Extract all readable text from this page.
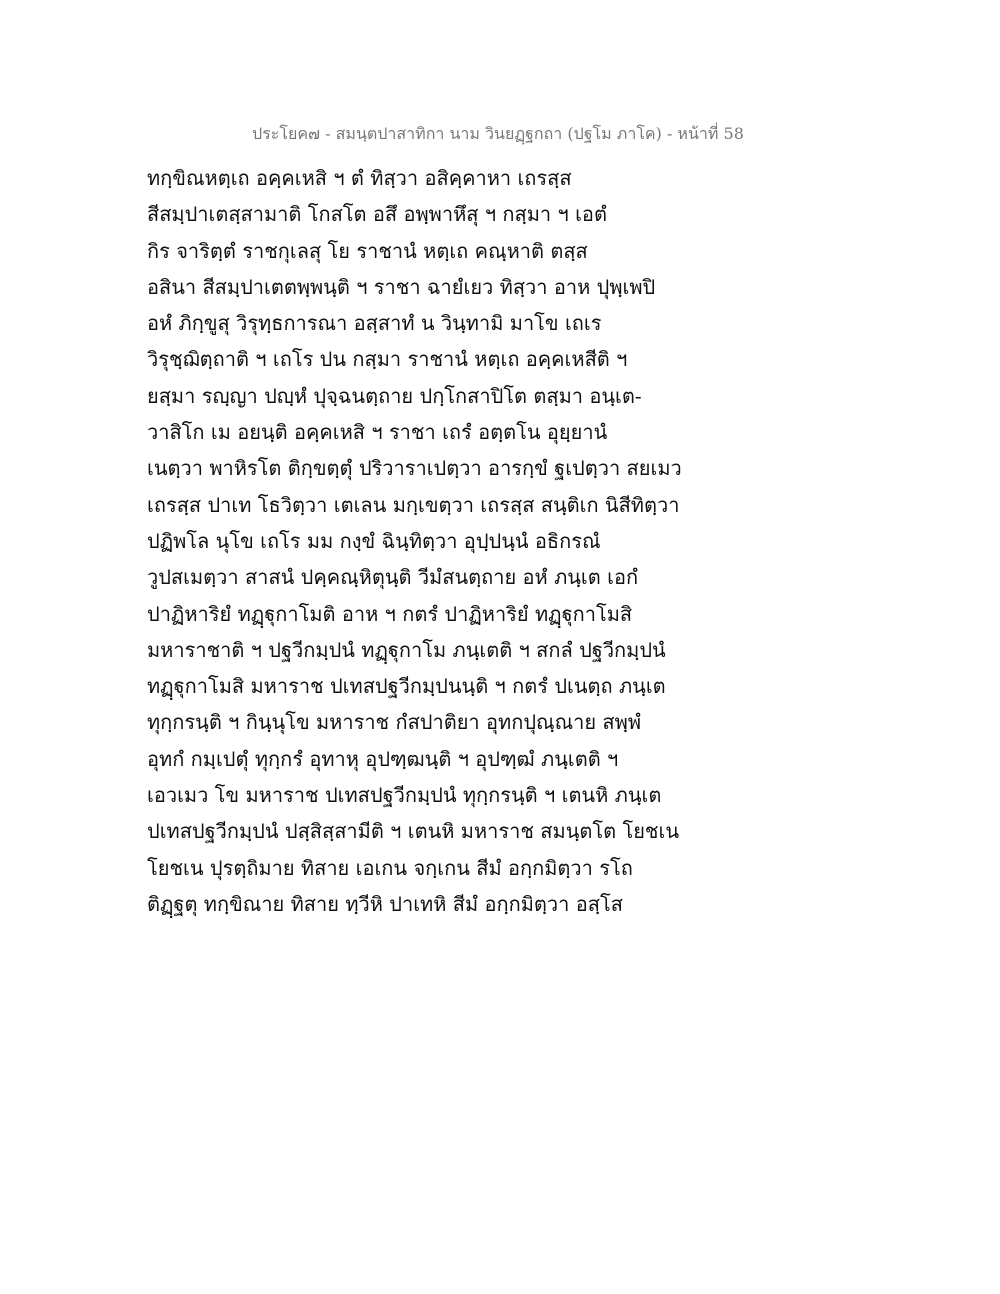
ประโยค๗ - สมนฺตปาสาทิกา นาม วินยฏฺฐกถา (ปฐโม ภาโค) - หน้าที่ 58
ทกฺขิณหตฺเถ อคฺคเหสิ ฯ ตํ ทิสฺวา อสิคฺคาหา เถรสฺส
สีสมฺปาเตสฺสามาติ โกสโต อสึ อพฺพาหึสุ ฯ กสฺมา ฯ เอตํ
กิร จาริตฺตํ ราชกุเลสุ โย ราชานํ หตฺเถ คณฺหาติ ตสฺส
อสินา สีสมฺปาเตตพฺพนฺติ ฯ ราชา ฉายํเยว ทิสฺวา อาห ปุพฺเพปิ
อหํ ภิกฺขูสุ วิรุทฺธการณา อสฺสาทํ น วินฺทามิ มาโข เถเร
วิรุชฺฌิตฺถาติ ฯ เถโร ปน กสฺมา ราชานํ หตฺเถ อคฺคเหสีติ ฯ
ยสฺมา รญฺญา ปญฺหํ ปุจฺฉนตฺถาย ปกฺโกสาปิโต ตสฺมา อนฺเต-
วาสิโก เม อยนฺติ อคฺคเหสิ ฯ ราชา เถรํ อตฺตโน อุยฺยานํ
เนตฺวา พาหิรโต ติกฺขตฺตุํ ปริวาราเปตฺวา อารกฺขํ ฐเปตฺวา สยเมว
เถรสฺส ปาเท โธวิตฺวา เตเลน มกฺเขตฺวา เถรสฺส สนฺติเก นิสีทิตฺวา
ปฏิพโล นุโข เถโร มม กงฺขํ ฉินฺทิตฺวา อุปฺปนฺนํ อธิกรณํ
วูปสเมตฺวา สาสนํ ปคฺคณฺหิตุนฺติ วีมํสนตฺถาย อหํ ภนฺเต เอกํ
ปาฏิหาริยํ ทฏฺฐุกาโมติ อาห ฯ กตรํ ปาฏิหาริยํ ทฏฺฐุกาโมสิ
มหาราชาติ ฯ ปฐวีกมฺปนํ ทฏฺฐุกาโม ภนฺเตติ ฯ สกลํ ปฐวีกมฺปนํ
ทฏฺฐุกาโมสิ มหาราช ปเทสปฐวีกมฺปนนฺติ ฯ กตรํ ปเนตฺถ ภนฺเต
ทุกฺกรนฺติ ฯ กินฺนุโข มหาราช กํสปาติยา อุทกปุณฺณาย สพฺพํ
อุทกํ กมฺเปตุํ ทุกฺกรํ อุทาหุ อุปฑฺฒนฺติ ฯ อุปฑฺฒํ ภนฺเตติ ฯ
เอวเมว โข มหาราช ปเทสปฐวีกมฺปนํ ทุกฺกรนฺติ ฯ เตนหิ ภนฺเต
ปเทสปฐวีกมฺปนํ ปสฺสิสฺสามีติ ฯ เตนหิ มหาราช สมนฺตโต โยชเน
โยชเน ปุรตฺถิมาย ทิสาย เอเกน จกฺเกน สีมํ อกฺกมิตฺวา รโถ
ติฏฺฐตุ ทกฺขิณาย ทิสาย ทฺวีหิ ปาเทหิ สีมํ อกฺกมิตฺวา อสฺโส
